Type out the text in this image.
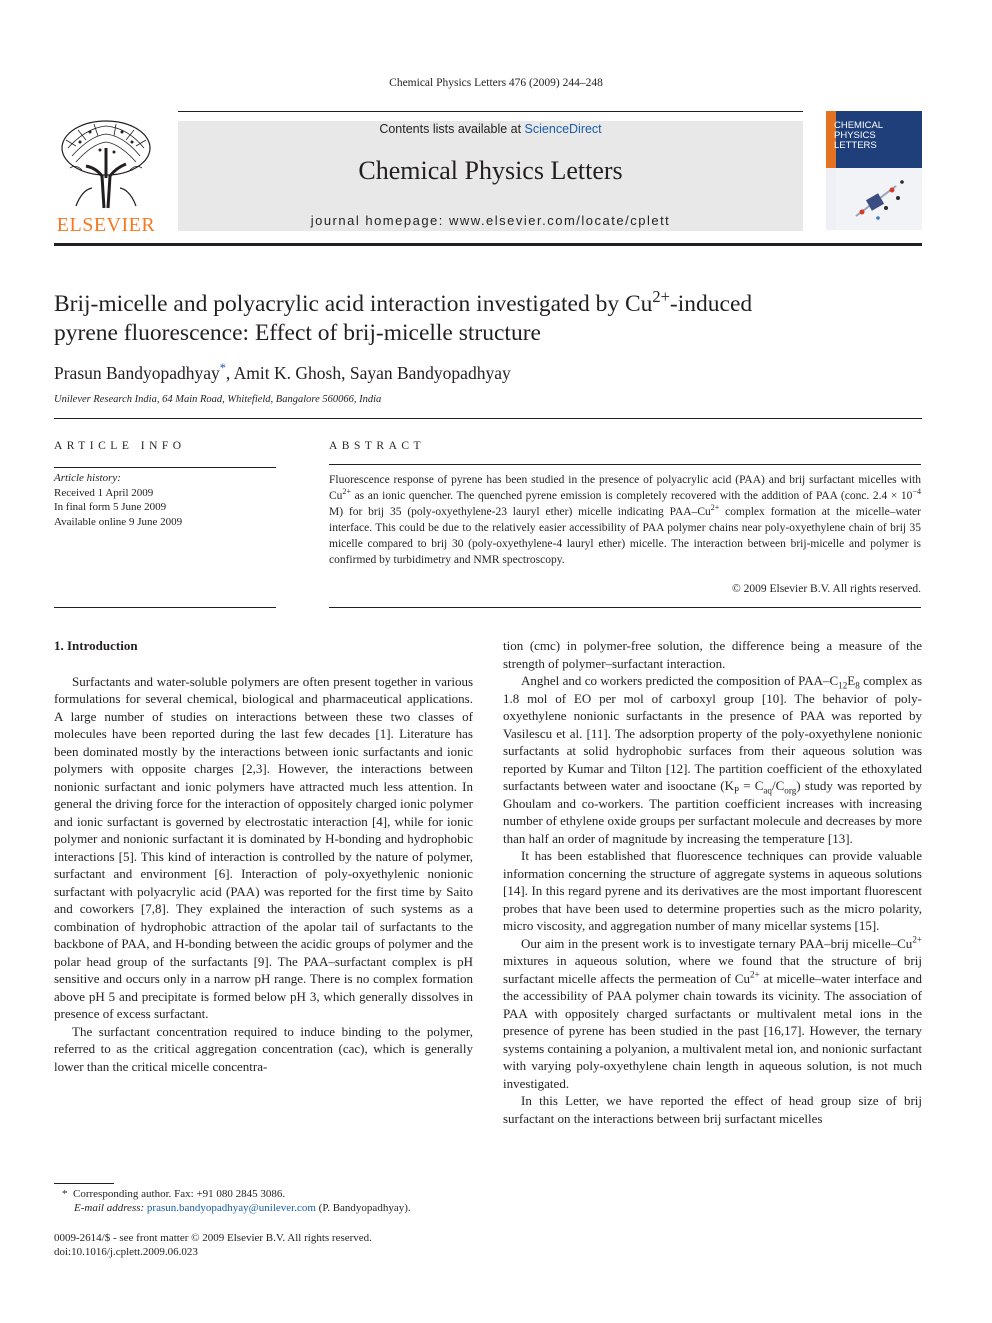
Chemical Physics Letters 476 (2009) 244–248
ELSEVIER
Contents lists available at ScienceDirect
Chemical Physics Letters
journal homepage: www.elsevier.com/locate/cplett
CHEMICAL
PHYSICS
LETTERS
Brij-micelle and polyacrylic acid interaction investigated by $Cu^{2+}$-induced
pyrene fluorescence: Effect of brij-micelle structure
Prasun Bandyopadhyay*, Amit K. Ghosh, Sayan Bandyopadhyay
Unilever Research India, 64 Main Road, Whitefield, Bangalore 560066, India
ARTICLE INFO
Article history:
Received 1 April 2009
In final form 5 June 2009
Available online 9 June 2009
ABSTRACT
Fluorescence response of pyrene has been studied in the presence of polyacrylic acid (PAA) and brij surfactant micelles with $Cu^{2+}$ as an ionic quencher. The quenched pyrene emission is completely recovered with the addition of PAA (conc. $2.4 \times 10^{-4}$ M) for brij 35 (poly-oxyethylene-23 lauryl ether) micelle indicating PAA–$Cu^{2+}$ complex formation at the micelle–water interface. This could be due to the relatively easier accessibility of PAA polymer chains near poly-oxyethylene chain of brij 35 micelle compared to brij 30 (poly-oxyethylene-4 lauryl ether) micelle. The interaction between brij-micelle and polymer is confirmed by turbidimetry and NMR spectroscopy.
© 2009 Elsevier B.V. All rights reserved.
1. Introduction

Surfactants and water-soluble polymers are often present together in various formulations for several chemical, biological and pharmaceutical applications. A large number of studies on interactions between these two classes of molecules have been reported during the last few decades [1]. Literature has been dominated mostly by the interactions between ionic surfactants and ionic polymers with opposite charges [2,3]. However, the interactions between nonionic surfactant and ionic polymers have attracted much less attention. In general the driving force for the interaction of oppositely charged ionic polymer and ionic surfactant is governed by electrostatic interaction [4], while for ionic polymer and nonionic surfactant it is dominated by H-bonding and hydrophobic interactions [5]. This kind of interaction is controlled by the nature of polymer, surfactant and environment [6]. Interaction of poly-oxyethylenic nonionic surfactant with polyacrylic acid (PAA) was reported for the first time by Saito and coworkers [7,8]. They explained the interaction of such systems as a combination of hydrophobic attraction of the apolar tail of surfactants to the backbone of PAA, and H-bonding between the acidic groups of polymer and the polar head group of the surfactants [9]. The PAA–surfactant complex is pH sensitive and occurs only in a narrow pH range. There is no complex formation above pH 5 and precipitate is formed below pH 3, which generally dissolves in presence of excess surfactant.

The surfactant concentration required to induce binding to the polymer, referred to as the critical aggregation concentration (cac), which is generally lower than the critical micelle concentra-

tion (cmc) in polymer-free solution, the difference being a measure of the strength of polymer–surfactant interaction.

Anghel and co workers predicted the composition of PAA–$C_{12}E_8$ complex as 1.8 mol of EO per mol of carboxyl group [10]. The behavior of poly-oxyethylene nonionic surfactants in the presence of PAA was reported by Vasilescu et al. [11]. The adsorption property of the poly-oxyethylene nonionic surfactants at solid hydrophobic surfaces from their aqueous solution was reported by Kumar and Tilton [12]. The partition coefficient of the ethoxylated surfactants between water and isooctane $(K_P = C_{aq}/C_{org})$ study was reported by Ghoulam and co-workers. The partition coefficient increases with increasing number of ethylene oxide groups per surfactant molecule and decreases by more than half an order of magnitude by increasing the temperature [13].

It has been established that fluorescence techniques can provide valuable information concerning the structure of aggregate systems in aqueous solutions [14]. In this regard pyrene and its derivatives are the most important fluorescent probes that have been used to determine properties such as the micro polarity, micro viscosity, and aggregation number of many micellar systems [15].

Our aim in the present work is to investigate ternary PAA–brij micelle–$Cu^{2+}$ mixtures in aqueous solution, where we found that the structure of brij surfactant micelle affects the permeation of $Cu^{2+}$ at micelle–water interface and the accessibility of PAA polymer chain towards its vicinity. The association of PAA with oppositely charged surfactants or multivalent metal ions in the presence of pyrene has been studied in the past [16,17]. However, the ternary systems containing a polyanion, a multivalent metal ion, and nonionic surfactant with varying poly-oxyethylene chain length in aqueous solution, is not much investigated.

In this Letter, we have reported the effect of head group size of brij surfactant on the interactions between brij surfactant micelles

* Corresponding author. Fax: +91 080 2845 3086.
E-mail address: prasun.bandyopadhyay@unilever.com (P. Bandyopadhyay).
0009-2614/$ - see front matter © 2009 Elsevier B.V. All rights reserved.
doi:10.1016/j.cplett.2009.06.023
